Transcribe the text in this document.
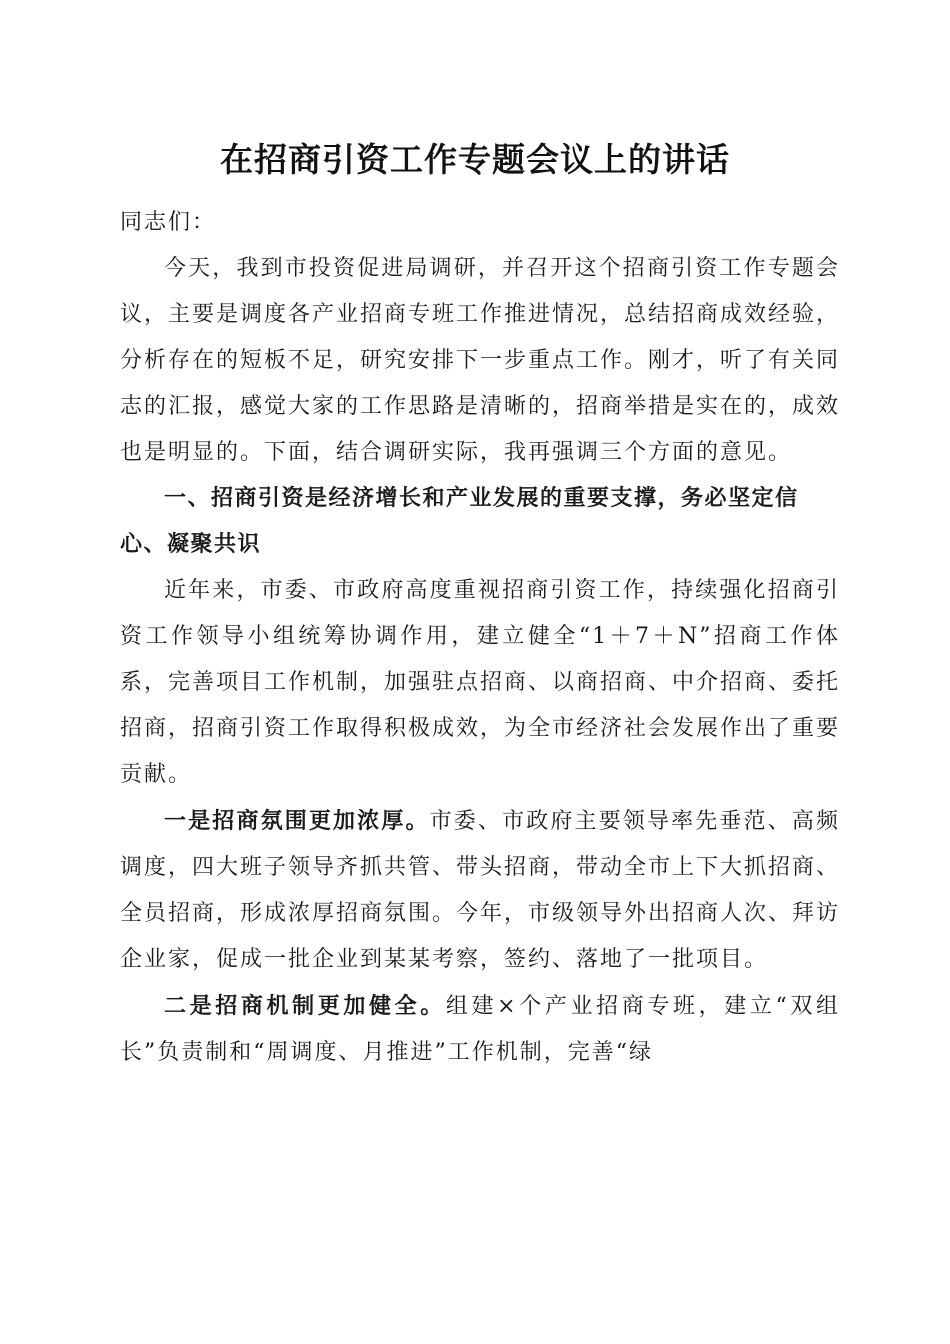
在招商引资工作专题会议上的讲话

同志们：

今天，我到市投资促进局调研，并召开这个招商引资工作专题会议，主要是调度各产业招商专班工作推进情况，总结招商成效经验，分析存在的短板不足，研究安排下一步重点工作。刚才，听了有关同志的汇报，感觉大家的工作思路是清晰的，招商举措是实在的，成效也是明显的。下面，结合调研实际，我再强调三个方面的意见。

一、招商引资是经济增长和产业发展的重要支撑，务必坚定信心、凝聚共识

近年来，市委、市政府高度重视招商引资工作，持续强化招商引资工作领导小组统筹协调作用，建立健全“1＋7＋N”招商工作体系，完善项目工作机制，加强驻点招商、以商招商、中介招商、委托招商，招商引资工作取得积极成效，为全市经济社会发展作出了重要贡献。

一是招商氛围更加浓厚。市委、市政府主要领导率先垂范、高频调度，四大班子领导齐抓共管、带头招商，带动全市上下大抓招商、全员招商，形成浓厚招商氛围。今年，市级领导外出招商人次、拜访企业家，促成一批企业到某某考察，签约、落地了一批项目。

二是招商机制更加健全。组建×个产业招商专班，建立“双组长”负责制和“周调度、月推进”工作机制，完善“绿
